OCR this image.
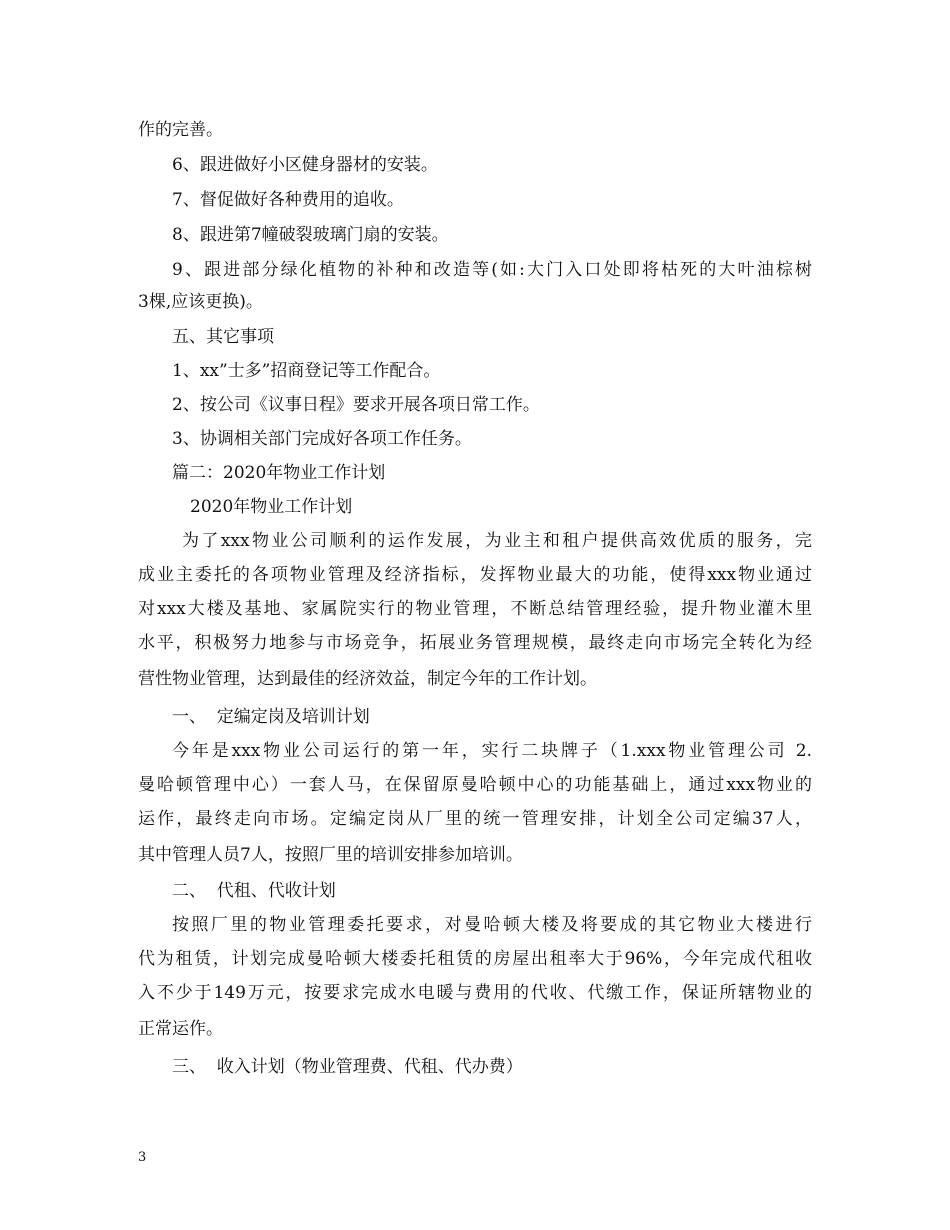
作的完善。

6、跟进做好小区健身器材的安装。

7、督促做好各种费用的追收。

8、跟进第7幢破裂玻璃门扇的安装。

9、跟进部分绿化植物的补种和改造等(如:大门入口处即将枯死的大叶油棕树

3棵,应该更换)。

五、其它事项

1、xx”士多”招商登记等工作配合。

2、按公司《议事日程》要求开展各项日常工作。

3、协调相关部门完成好各项工作任务。

篇二：2020年物业工作计划

2020年物业工作计划

为了xxx物业公司顺利的运作发展，为业主和租户提供高效优质的服务，完

成业主委托的各项物业管理及经济指标，发挥物业最大的功能，使得xxx物业通过

对xxx大楼及基地、家属院实行的物业管理，不断总结管理经验，提升物业灌木里

水平，积极努力地参与市场竞争，拓展业务管理规模，最终走向市场完全转化为经

营性物业管理，达到最佳的经济效益，制定今年的工作计划。

一、  定编定岗及培训计划

今年是xxx物业公司运行的第一年，实行二块牌子（1.xxx物业管理公司 2.

曼哈顿管理中心）一套人马，在保留原曼哈顿中心的功能基础上，通过xxx物业的

运作，最终走向市场。定编定岗从厂里的统一管理安排，计划全公司定编37人，

其中管理人员7人，按照厂里的培训安排参加培训。

二、  代租、代收计划

按照厂里的物业管理委托要求，对曼哈顿大楼及将要成的其它物业大楼进行

代为租赁，计划完成曼哈顿大楼委托租赁的房屋出租率大于96%，今年完成代租收

入不少于149万元，按要求完成水电暖与费用的代收、代缴工作，保证所辖物业的

正常运作。

三、  收入计划（物业管理费、代租、代办费）

3
